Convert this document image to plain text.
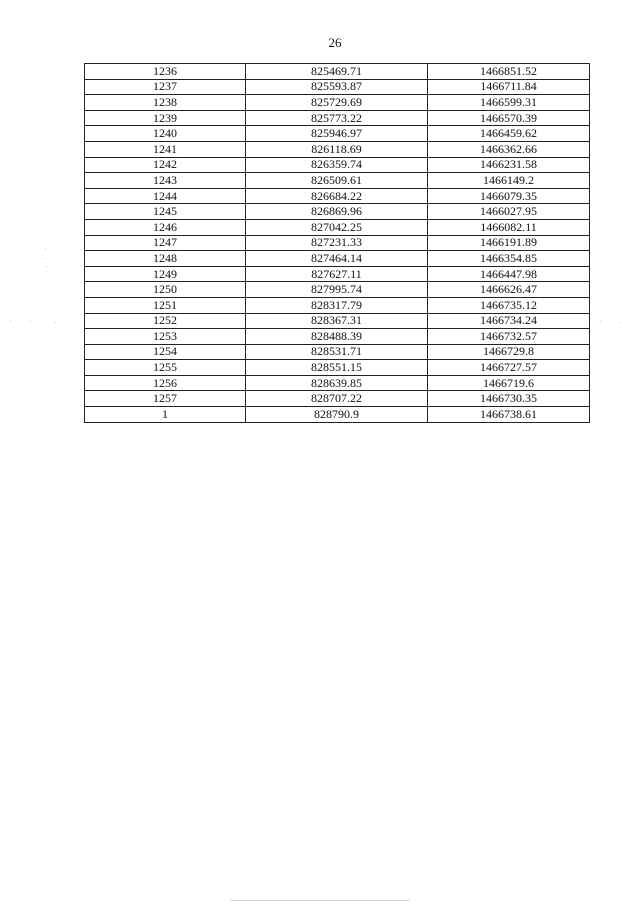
26
1236	825469.71	1466851.52
1237	825593.87	1466711.84
1238	825729.69	1466599.31
1239	825773.22	1466570.39
1240	825946.97	1466459.62
1241	826118.69	1466362.66
1242	826359.74	1466231.58
1243	826509.61	1466149.2
1244	826684.22	1466079.35
1245	826869.96	1466027.95
1246	827042.25	1466082.11
1247	827231.33	1466191.89
1248	827464.14	1466354.85
1249	827627.11	1466447.98
1250	827995.74	1466626.47
1251	828317.79	1466735.12
1252	828367.31	1466734.24
1253	828488.39	1466732.57
1254	828531.71	1466729.8
1255	828551.15	1466727.57
1256	828639.85	1466719.6
1257	828707.22	1466730.35
1	828790.9	1466738.61
